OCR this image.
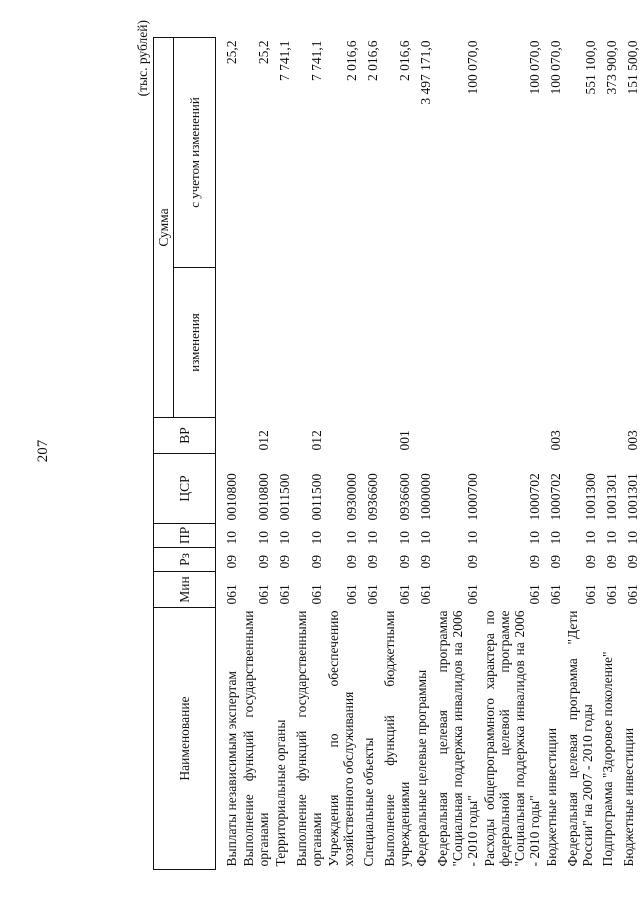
207
(тыс. рублей)
Наименование	Мин	Рз	ПР	ЦСР	ВР	Сумма	
						изменения	с учетом изменений
Выплаты независимым экспертам	061	09	10	0010800			25,2
Выполнение функций государственными органами	061	09	10	0010800	012		25,2
Территориальные органы	061	09	10	0011500			7 741,1
Выполнение функций государственными органами	061	09	10	0011500	012		7 741,1
Учреждения по обеспечению хозяйственного обслуживания	061	09	10	0930000			2 016,6
Специальные объекты	061	09	10	0936600			2 016,6
Выполнение функций бюджетными учреждениями	061	09	10	0936600	001		2 016,6
Федеральные целевые программы	061	09	10	1000000			3 497 171,0
Федеральная целевая программа "Социальная поддержка инвалидов на 2006 - 2010 годы"	061	09	10	1000700			100 070,0
Расходы общепрограммного характера по федеральной целевой программе "Социальная поддержка инвалидов на 2006 - 2010 годы"	061	09	10	1000702			100 070,0
Бюджетные инвестиции	061	09	10	1000702	003		100 070,0
Федеральная целевая программа "Дети России" на 2007 - 2010 годы	061	09	10	1001300			551 100,0
Подпрограмма "Здоровое поколение"	061	09	10	1001301			373 900,0
Бюджетные инвестиции	061	09	10	1001301	003		151 500,0
